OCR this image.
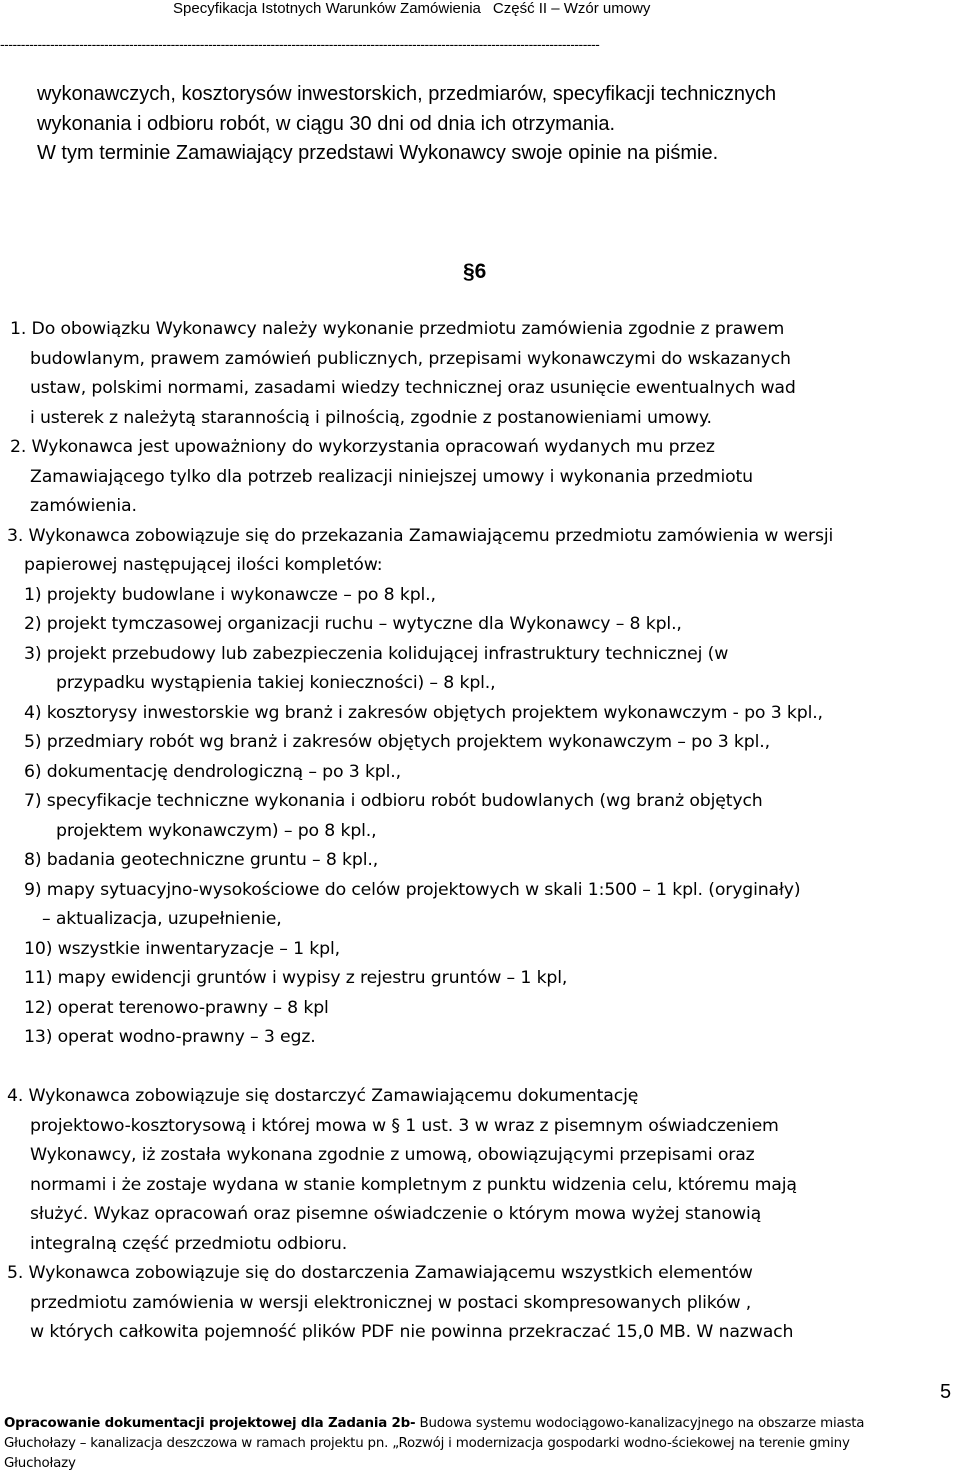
Specyfikacja Istotnych Warunków Zamówienia Część II – Wzór umowy
------------------------------------------------------------------------------------------------------------------------------------------------

wykonawczych, kosztorysów inwestorskich, przedmiarów, specyfikacji technicznych

wykonania i odbioru robót, w ciągu 30 dni od dnia ich otrzymania.

W tym terminie Zamawiający przedstawi Wykonawcy swoje opinie na piśmie.

§6
1. Do obowiązku Wykonawcy należy wykonanie przedmiotu zamówienia zgodnie z prawem
budowlanym, prawem zamówień publicznych, przepisami wykonawczymi do wskazanych
ustaw, polskimi normami, zasadami wiedzy technicznej oraz usunięcie ewentualnych wad
i usterek z należytą starannością i pilnością, zgodnie z postanowieniami umowy.
2. Wykonawca jest upoważniony do wykorzystania opracowań wydanych mu przez
Zamawiającego tylko dla potrzeb realizacji niniejszej umowy i wykonania przedmiotu
zamówienia.
3. Wykonawca zobowiązuje się do przekazania Zamawiającemu przedmiotu zamówienia w wersji
papierowej następującej ilości kompletów:
1) projekty budowlane i wykonawcze – po 8 kpl.,
2) projekt tymczasowej organizacji ruchu – wytyczne dla Wykonawcy – 8 kpl.,
3) projekt przebudowy lub zabezpieczenia kolidującej infrastruktury technicznej (w
przypadku wystąpienia takiej konieczności) – 8 kpl.,
4) kosztorysy inwestorskie wg branż i zakresów objętych projektem wykonawczym - po 3 kpl.,
5) przedmiary robót wg branż i zakresów objętych projektem wykonawczym – po 3 kpl.,
6) dokumentację dendrologiczną – po 3 kpl.,
7) specyfikacje techniczne wykonania i odbioru robót budowlanych (wg branż objętych
projektem wykonawczym) – po 8 kpl.,
8) badania geotechniczne gruntu – 8 kpl.,
9) mapy sytuacyjno-wysokościowe do celów projektowych w skali 1:500 – 1 kpl. (oryginały)
– aktualizacja, uzupełnienie,
10) wszystkie inwentaryzacje – 1 kpl,
11) mapy ewidencji gruntów i wypisy z rejestru gruntów – 1 kpl,
12) operat terenowo-prawny – 8 kpl
13) operat wodno-prawny – 3 egz.
4. Wykonawca zobowiązuje się dostarczyć Zamawiającemu dokumentację
projektowo-kosztorysową i której mowa w § 1 ust. 3 w wraz z pisemnym oświadczeniem
Wykonawcy, iż została wykonana zgodnie z umową, obowiązującymi przepisami oraz
normami i że zostaje wydana w stanie kompletnym z punktu widzenia celu, któremu mają
służyć. Wykaz opracowań oraz pisemne oświadczenie o którym mowa wyżej stanowią
integralną część przedmiotu odbioru.
5. Wykonawca zobowiązuje się do dostarczenia Zamawiającemu wszystkich elementów
przedmiotu zamówienia w wersji elektronicznej w postaci skompresowanych plików ,
w których całkowita pojemność plików PDF nie powinna przekraczać 15,0 MB. W nazwach
5

Opracowanie dokumentacji projektowej dla Zadania 2b- Budowa systemu wodociągowo-kanalizacyjnego na obszarze miasta

Głuchołazy – kanalizacja deszczowa w ramach projektu pn. „Rozwój i modernizacja gospodarki wodno-ściekowej na terenie gminy

Głuchołazy
